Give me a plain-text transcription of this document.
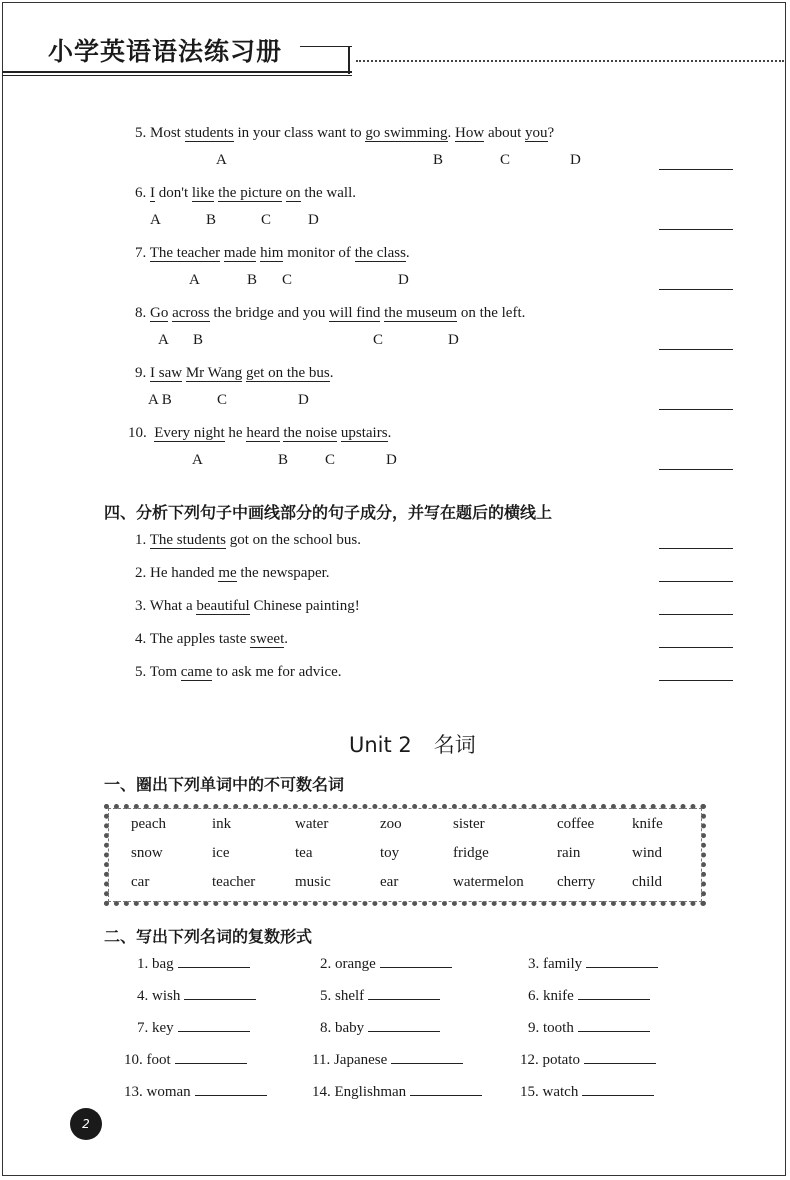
小学英语语法练习册
5. Most students in your class want to go swimming. How about you?
A	B	C	D
6. I don't like the picture on the wall.
A	B	C D
7. The teacher made him monitor of the class.
A	B C	D
8. Go across the bridge and you will find the museum on the left.
A B	C	D
9. I saw Mr Wang get on the bus.
A B	C	D
10.  Every night he heard the noise upstairs.
A	B C	D
四、分析下列句子中画线部分的句子成分，并写在题后的横线上
1. The students got on the school bus.
2. He handed me the newspaper.
3. What a beautiful Chinese painting!
4. The apples taste sweet.
5. Tom came to ask me for advice.
Unit 2 名词
一、圈出下列单词中的不可数名词
peach	ink	water	zoo	sister	coffee	knife
snow	ice	tea	toy	fridge	rain	wind
car	teacher	music	ear	watermelon cherry child
二、写出下列名词的复数形式
1. bag	2. orange	3. family
4. wish	5. shelf	6. knife
7. key	8. baby	9. tooth
10. foot	11. Japanese	12. potato
13. woman	14. Englishman	15. watch
2
